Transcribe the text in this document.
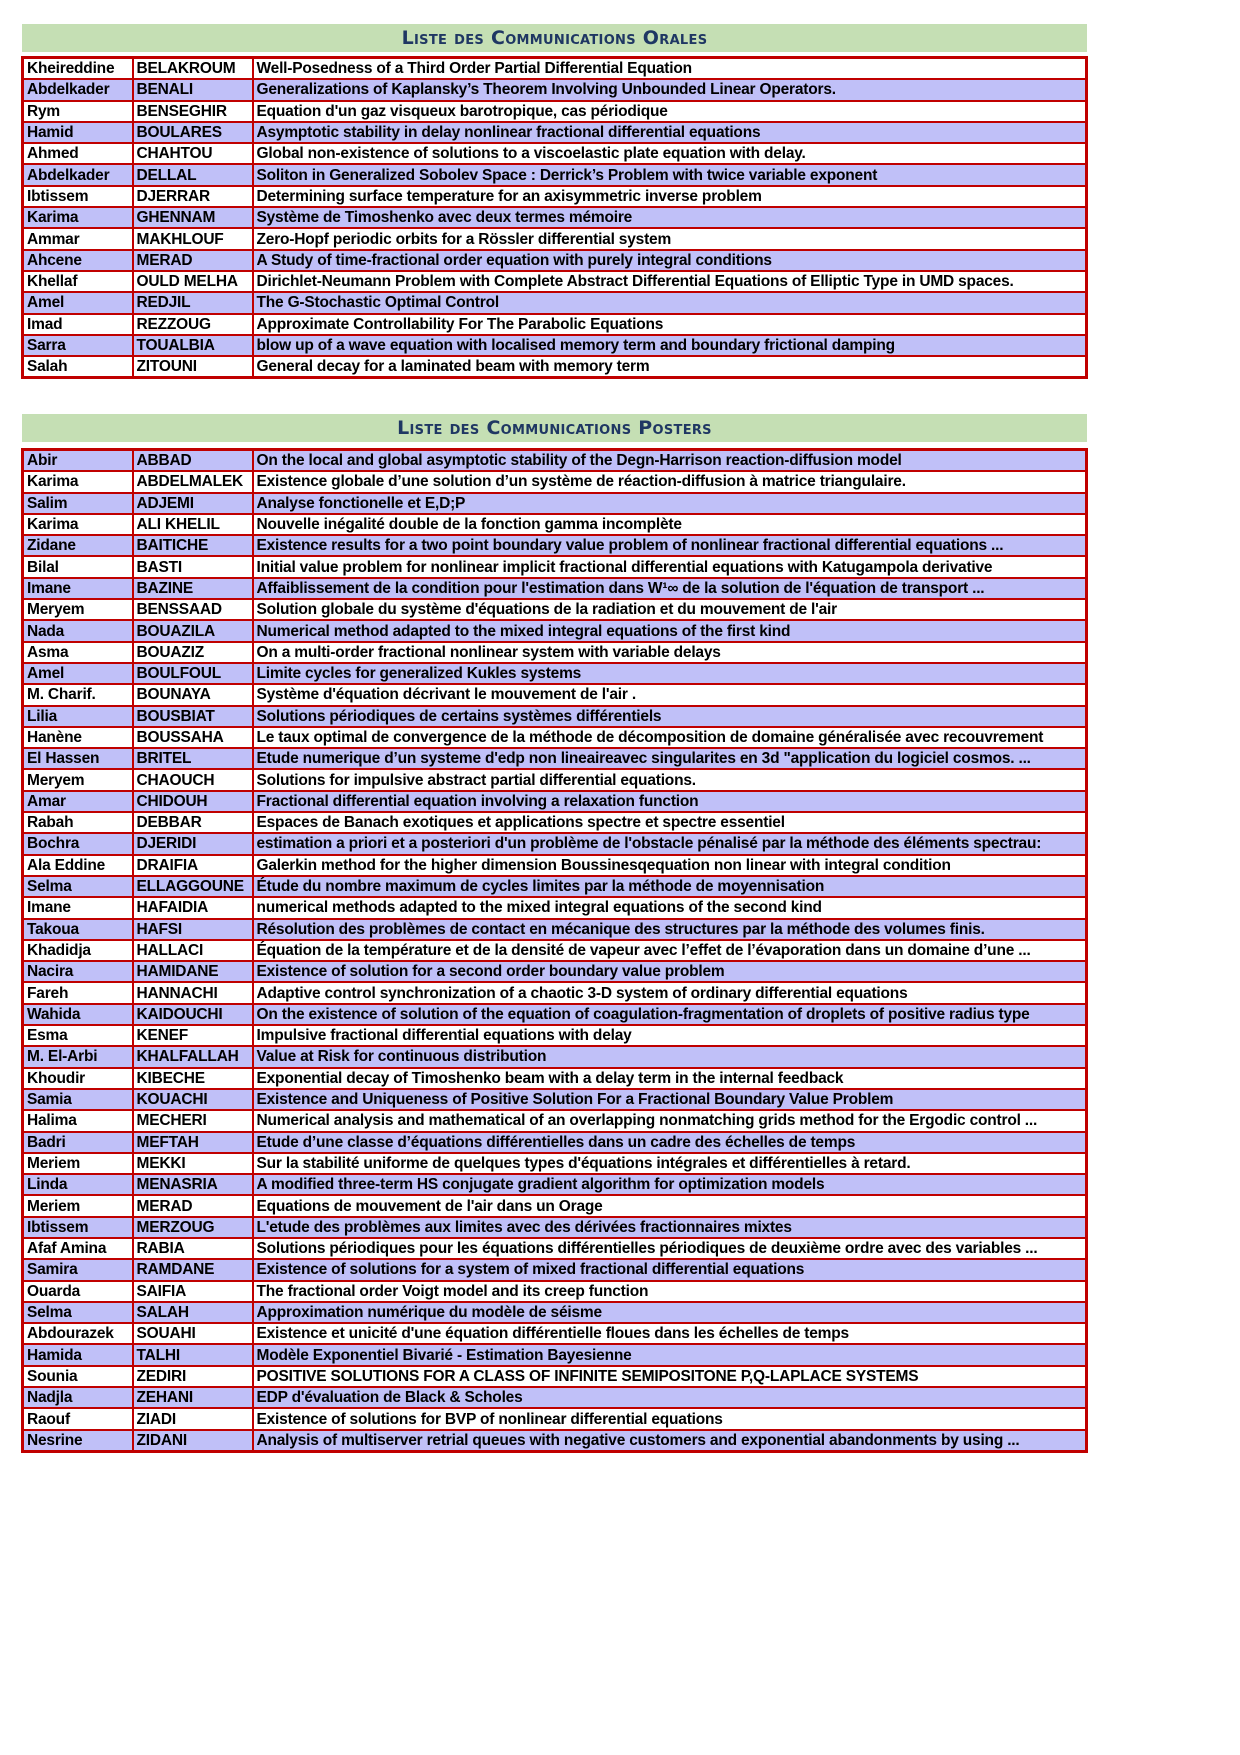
Liste des Communications Orales
Kheireddine	BELAKROUM	Well-Posedness of a Third Order Partial Differential Equation
Abdelkader	BENALI	Generalizations of Kaplansky’s Theorem Involving Unbounded Linear Operators.
Rym	BENSEGHIR	Equation d'un gaz visqueux barotropique, cas périodique
Hamid	BOULARES	Asymptotic stability in delay nonlinear fractional differential equations
Ahmed	CHAHTOU	Global non-existence of solutions to a viscoelastic plate equation with delay.
Abdelkader	DELLAL	Soliton in Generalized Sobolev Space : Derrick’s Problem with twice variable exponent
Ibtissem	DJERRAR	Determining surface temperature for an axisymmetric inverse problem
Karima	GHENNAM	Système de Timoshenko avec deux termes mémoire
Ammar	MAKHLOUF	Zero-Hopf periodic orbits for a Rössler differential system
Ahcene	MERAD	A Study of time-fractional order equation with purely integral conditions
Khellaf	OULD MELHA	Dirichlet-Neumann Problem with Complete Abstract Differential Equations of Elliptic Type in UMD spaces.
Amel	REDJIL	The G-Stochastic Optimal Control
Imad	REZZOUG	Approximate Controllability For The Parabolic Equations
Sarra	TOUALBIA	blow up of a wave equation with localised memory term and boundary frictional damping
Salah	ZITOUNI	General decay for a laminated beam with memory term
Liste des Communications Posters
Abir	ABBAD	On the local and global asymptotic stability of the Degn-Harrison reaction-diffusion model
Karima	ABDELMALEK	Existence globale d’une solution d’un système de réaction-diffusion à matrice triangulaire.
Salim	ADJEMI	Analyse fonctionelle et E,D;P
Karima	ALI KHELIL	Nouvelle inégalité double de la fonction gamma incomplète
Zidane	BAITICHE	Existence results for a two point boundary value problem of nonlinear fractional differential equations ...
Bilal	BASTI	Initial value problem for nonlinear implicit fractional differential equations with Katugampola derivative
Imane	BAZINE	Affaiblissement de la condition pour l'estimation dans W¹∞ de la solution de l'équation de transport ...
Meryem	BENSSAAD	Solution globale du système d'équations de la radiation et du mouvement de l'air
Nada	BOUAZILA	Numerical method adapted to the mixed integral equations of the first kind
Asma	BOUAZIZ	On a multi-order fractional nonlinear system with variable delays
Amel	BOULFOUL	Limite cycles for generalized Kukles systems
M. Charif.	BOUNAYA	Système d'équation décrivant le mouvement de l'air .
Lilia	BOUSBIAT	Solutions périodiques de certains systèmes différentiels
Hanène	BOUSSAHA	Le taux optimal de convergence de la méthode de décomposition de domaine généralisée avec recouvrement
El Hassen	BRITEL	Etude numerique d’un systeme d'edp non lineaireavec singularites en 3d "application du logiciel cosmos. ...
Meryem	CHAOUCH	Solutions for impulsive abstract partial differential equations.
Amar	CHIDOUH	Fractional differential equation involving a relaxation function
Rabah	DEBBAR	Espaces de Banach exotiques et applications spectre et spectre essentiel
Bochra	DJERIDI	estimation a priori et a posteriori d'un problème de l'obstacle pénalisé par la méthode des éléments spectrau:
Ala Eddine	DRAIFIA	Galerkin method for the higher dimension Boussinesqequation non linear with integral condition
Selma	ELLAGGOUNE	Étude du nombre maximum de cycles limites par la méthode de moyennisation
Imane	HAFAIDIA	numerical methods adapted to the mixed integral equations of the second kind
Takoua	HAFSI	Résolution des problèmes de contact en mécanique des structures par la méthode des volumes finis.
Khadidja	HALLACI	Équation de la température et de la densité de vapeur avec l’effet de l’évaporation dans un domaine d’une ...
Nacira	HAMIDANE	Existence of solution for a second order boundary value problem
Fareh	HANNACHI	Adaptive control synchronization of a chaotic 3-D system of ordinary differential equations
Wahida	KAIDOUCHI	On the existence of solution of the equation of coagulation-fragmentation of droplets of positive radius type
Esma	KENEF	Impulsive fractional differential equations with delay
M. El-Arbi	KHALFALLAH	Value at Risk for continuous distribution
Khoudir	KIBECHE	Exponential decay of Timoshenko beam with a delay term in the internal feedback
Samia	KOUACHI	Existence and Uniqueness of Positive Solution For a Fractional Boundary Value Problem
Halima	MECHERI	Numerical analysis and mathematical of an overlapping nonmatching grids method for the Ergodic control ...
Badri	MEFTAH	Etude d’une classe d’équations différentielles dans un cadre des échelles de temps
Meriem	MEKKI	Sur la stabilité uniforme de quelques types d'équations intégrales et différentielles à retard.
Linda	MENASRIA	A modified three-term HS conjugate gradient algorithm for optimization models
Meriem	MERAD	Equations de mouvement de l'air dans un Orage
Ibtissem	MERZOUG	L'etude des problèmes aux limites avec des dérivées fractionnaires mixtes
Afaf Amina	RABIA	Solutions périodiques pour les équations différentielles périodiques de deuxième ordre avec des variables ...
Samira	RAMDANE	Existence of solutions for a system of mixed fractional differential equations
Ouarda	SAIFIA	The fractional order Voigt model and its creep function
Selma	SALAH	Approximation numérique du modèle de séisme
Abdourazek	SOUAHI	Existence et unicité d'une équation différentielle floues dans les échelles de temps
Hamida	TALHI	Modèle Exponentiel Bivarié - Estimation Bayesienne
Sounia	ZEDIRI	POSITIVE SOLUTIONS FOR A CLASS OF INFINITE SEMIPOSITONE P,Q-LAPLACE SYSTEMS
Nadjla	ZEHANI	EDP d'évaluation de Black & Scholes
Raouf	ZIADI	Existence of solutions for BVP of nonlinear differential equations
Nesrine	ZIDANI	Analysis of multiserver retrial queues with negative customers and exponential abandonments by using ...
